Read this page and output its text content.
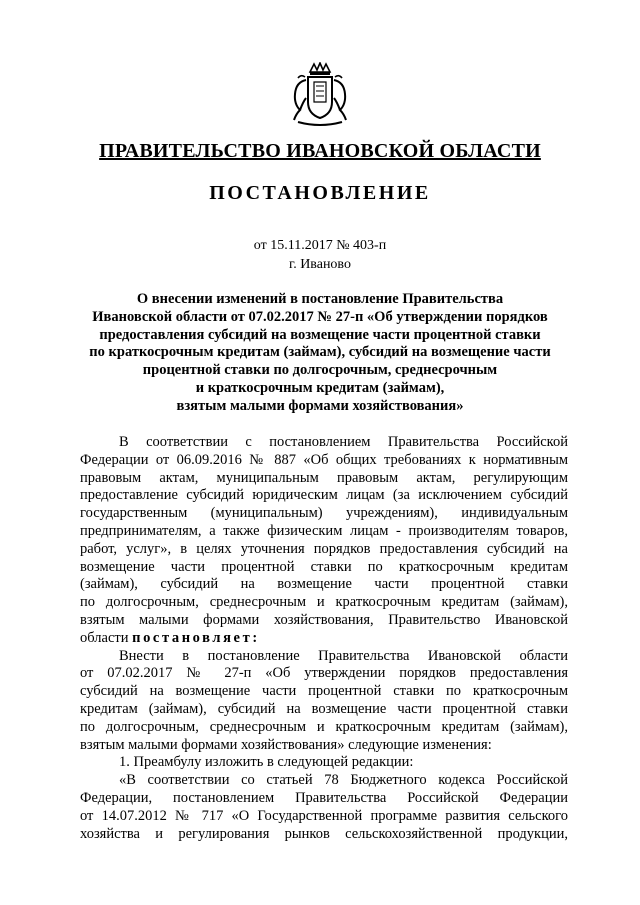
ПРАВИТЕЛЬСТВО ИВАНОВСКОЙ ОБЛАСТИ
ПОСТАНОВЛЕНИЕ
от 15.11.2017 № 403-п
г. Иваново
О внесении изменений в постановление Правительства
Ивановской области от 07.02.2017 № 27-п «Об утверждении порядков
предоставления субсидий на возмещение части процентной ставки
по краткосрочным кредитам (займам), субсидий на возмещение части
процентной ставки по долгосрочным, среднесрочным
и краткосрочным кредитам (займам),
взятым малыми формами хозяйствования»
В соответствии с постановлением Правительства Российской
Федерации от 06.09.2016 № 887 «Об общих требованиях к нормативным
правовым актам, муниципальным правовым актам, регулирующим
предоставление субсидий юридическим лицам (за исключением субсидий
государственным (муниципальным) учреждениям), индивидуальным
предпринимателям, а также физическим лицам - производителям товаров,
работ, услуг», в целях уточнения порядков предоставления субсидий на
возмещение части процентной ставки по краткосрочным кредитам
(займам), субсидий на возмещение части процентной ставки
по долгосрочным, среднесрочным и краткосрочным кредитам (займам),
взятым малыми формами хозяйствования, Правительство Ивановской
области постановляет:
Внести в постановление Правительства Ивановской области
от 07.02.2017 № 27-п «Об утверждении порядков предоставления
субсидий на возмещение части процентной ставки по краткосрочным
кредитам (займам), субсидий на возмещение части процентной ставки
по долгосрочным, среднесрочным и краткосрочным кредитам (займам),
взятым малыми формами хозяйствования» следующие изменения:
1. Преамбулу изложить в следующей редакции:
«В соответствии со статьей 78 Бюджетного кодекса Российской
Федерации, постановлением Правительства Российской Федерации
от 14.07.2012 № 717 «О Государственной программе развития сельского
хозяйства и регулирования рынков сельскохозяйственной продукции,
